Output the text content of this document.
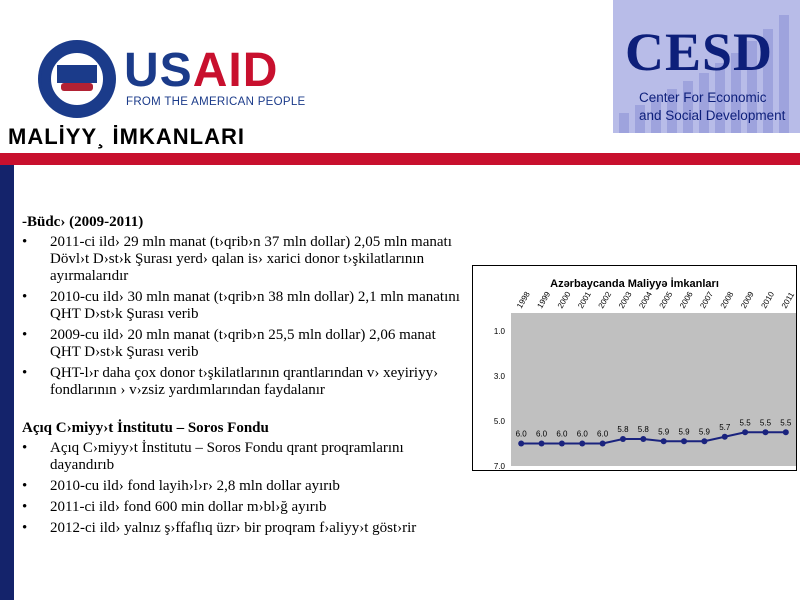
USAID
FROM THE AMERICAN PEOPLE
CESD
Center For Economic
and Social Development
MALİYY¸ İMKANLARI
-Büdc› (2009-2011)
• 2011-ci ild› 29 mln manat (t›qrib›n 37 mln dollar) 2,05 mln manatı Dövl›t D›st›k Şurası yerd› qalan is› xarici donor t›şkilatlarının ayırmalarıdır
• 2010-cu ild› 30 mln manat (t›qrib›n 38 mln dollar) 2,1 mln manatını QHT D›st›k Şurası verib
• 2009-cu ild› 20 mln manat (t›qrib›n 25,5 mln dollar) 2,06 manat QHT D›st›k Şurası verib
• QHT-l›r daha çox donor t›şkilatlarının qrantlarından v› xeyiriyy› fondlarının › v›zsiz yardımlarından faydalanır
Açıq C›miyy›t İnstitutu – Soros Fondu
• Açıq C›miyy›t İnstitutu – Soros Fondu qrant proqramlarını dayandırıb
• 2010-cu ild› fond layih›l›r› 2,8 mln dollar ayırıb
• 2011-ci ild› fond 600 min dollar m›bl›ğ ayırıb
• 2012-ci ild› yalnız ş›ffaflıq üzr› bir proqram f›aliyy›t göst›rir
Azərbaycanda Maliyyə İmkanları
1.0
3.0
5.0
7.0
1998 1999 2000 2001 2002 2003 2004 2005 2006 2007 2008 2009 2010 2011
6.0 6.0 6.0 6.0 6.0 5.8 5.8 5.9 5.9 5.9 5.7 5.5 5.5 5.5
